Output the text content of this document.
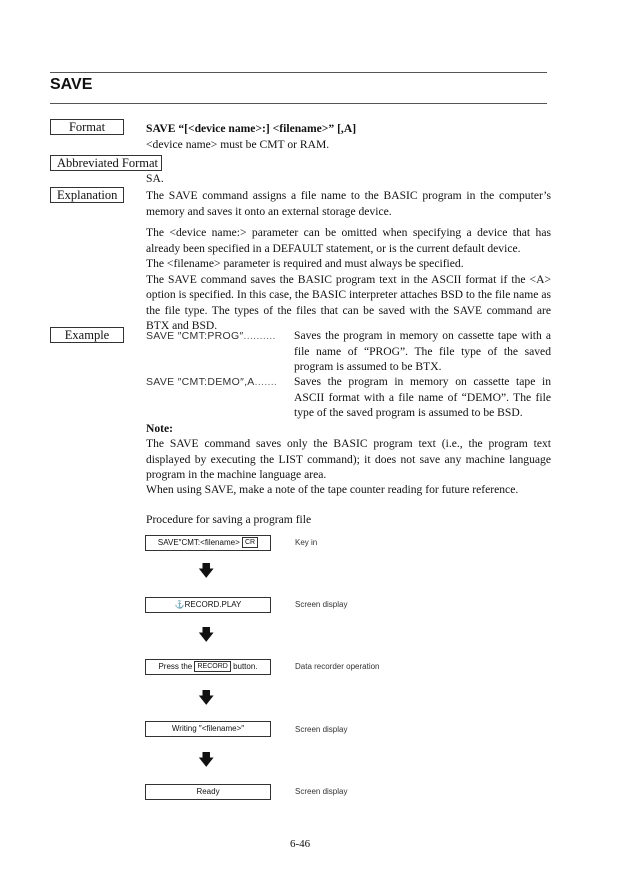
SAVE
Format	SAVE “[<device name>:] <filename>” [,A]
<device name> must be CMT or RAM.
Abbreviated Format
SA.
Explanation	The SAVE command assigns a file name to the BASIC program in the computer’s memory and saves it onto an external storage device.

The <device name:> parameter can be omitted when specifying a device that has already been specified in a DEFAULT statement, or is the current default device.

The <filename> parameter is required and must always be specified.

The SAVE command saves the BASIC program text in the ASCII format if the <A> option is specified. In this case, the BASIC interpreter attaches BSD to the file name as the file type. The types of the files that can be saved with the SAVE command are BTX and BSD.

Example	SAVE ″CMT:PROG″.......... Saves the program in memory on cassette tape with a file name of “PROG”. The file type of the saved program is assumed to be BTX.
SAVE ″CMT:DEMO″,A....... Saves the program in memory on cassette tape in ASCII format with a file name of “DEMO”. The file type of the saved program is assumed to be BSD.
Note:
The SAVE command saves only the BASIC program text (i.e., the program text displayed by executing the LIST command); it does not save any machine language program in the machine language area.
When using SAVE, make a note of the tape counter reading for future reference.
Procedure for saving a program file
SAVE″CMT:<filename> CR	Key in
🡇
⚓RECORD.PLAY	Screen display
🡇
Press the RECORD button.	Data recorder operation
🡇
Writing ″<filename>″	Screen display
🡇
Ready	Screen display
6-46
